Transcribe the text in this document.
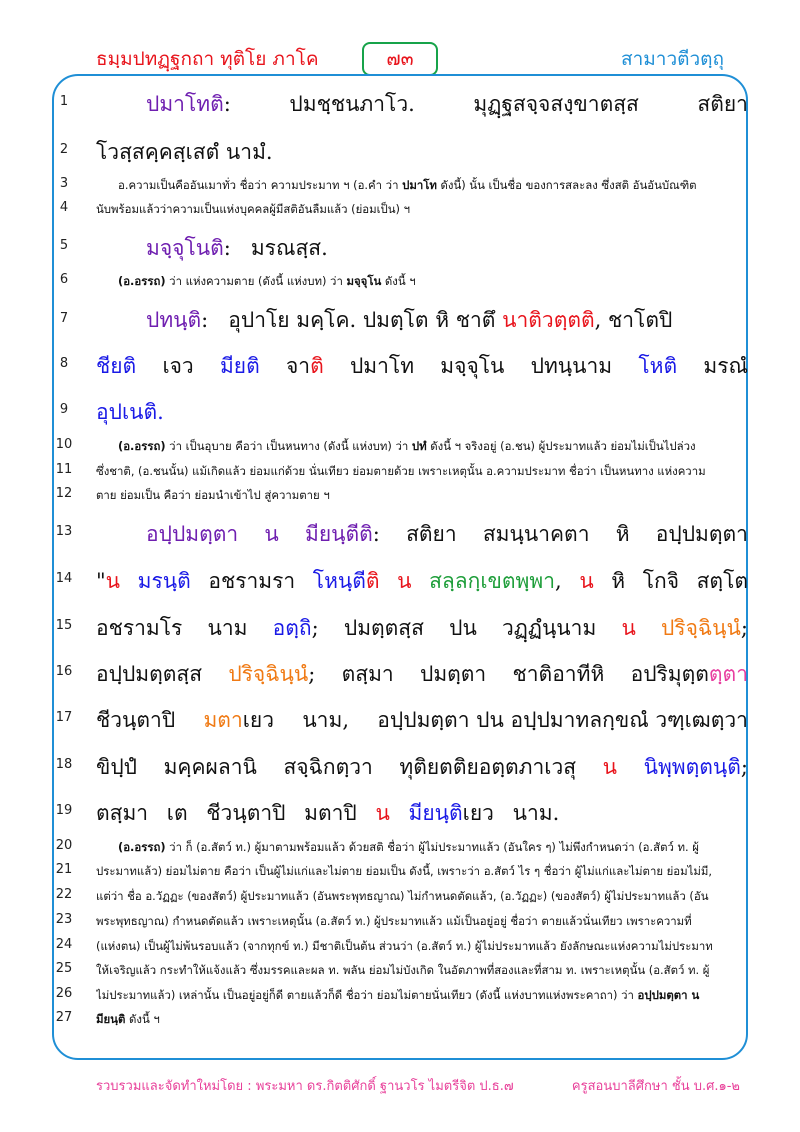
ธมฺมปทฏฺฐกถา ทุติโย ภาโค	๗๓	สามาวตีวตฺถุ
1
2
3
4
5
6
7
8
9
10
11
12
13
14
15
16
17
18
19
20
21
22
23
24
25
26
27
ปมาโทติ:	ปมชฺชนภาโว.	มุฏฺฐสจฺจสงฺขาตสฺส	สติยา
โวสฺสคฺคสฺเสตํ นามํ.
อ.ความเป็นคืออันเมาทั่ว ชื่อว่า ความประมาท ฯ (อ.คำ ว่า ปมาโท ดังนี้) นั้น เป็นชื่อ ของการสละลง ซึ่งสติ อันอันบัณฑิต
นับพร้อมแล้วว่าความเป็นแห่งบุคคลผู้มีสติอันลืมแล้ว (ย่อมเป็น) ฯ
มจฺจุโนติ: มรณสฺส.
(อ.อรรถ) ว่า แห่งความตาย (ดังนี้ แห่งบท) ว่า มจฺจุโน ดังนี้ ฯ
ปทนฺติ: อุปาโย มคฺโค. ปมตฺโต หิ ชาตึ นาติวตฺตติ, ชาโตปิ
ชียติ เจว มียติ จาติ ปมาโท มจฺจุโน ปทนฺนาม โหติ มรณํ
อุปเนติ.
(อ.อรรถ) ว่า เป็นอุบาย คือว่า เป็นหนทาง (ดังนี้ แห่งบท) ว่า ปทํ ดังนี้ ฯ จริงอยู่ (อ.ชน) ผู้ประมาทแล้ว ย่อมไม่เป็นไปล่วง
ซึ่งชาติ, (อ.ชนนั้น) แม้เกิดแล้ว ย่อมแก่ด้วย นั่นเทียว ย่อมตายด้วย เพราะเหตุนั้น อ.ความประมาท ชื่อว่า เป็นหนทาง แห่งความ
ตาย ย่อมเป็น คือว่า ย่อมนำเข้าไป สู่ความตาย ฯ
อปฺปมตฺตา น มียนฺตีติ: สติยา สมนฺนาคตา หิ อปฺปมตฺตา
"น มรนฺติ อชรามรา โหนฺตีติ น สลฺลกฺเขตพฺพา, น หิ โกจิ สตฺโต
อชรามโร นาม อตฺถิ; ปมตฺตสฺส ปน วฏฺฏํนฺนาม น ปริจฺฉินฺนํ;
อปฺปมตฺตสฺส ปริจฺฉินฺนํ; ตสฺมา ปมตฺตา ชาติอาทีหิ อปริมุตฺตตฺตา
ชีวนฺตาปิ มตาเยว นาม, อปฺปมตฺตา ปน อปฺปมาทลกฺขณํ วฑฺเฒตฺวา
ขิปฺปํ มคฺคผลานิ สจฺฉิกตฺวา ทุติยตติยอตฺตภาเวสุ น นิพฺพตฺตนฺติ;
ตสฺมา เต ชีวนฺตาปิ มตาปิ น มียนฺติเยว นาม.
(อ.อรรถ) ว่า ก็ (อ.สัตว์ ท.) ผู้มาตามพร้อมแล้ว ด้วยสติ ชื่อว่า ผู้ไม่ประมาทแล้ว (อันใคร ๆ) ไม่พึงกำหนดว่า (อ.สัตว์ ท. ผู้
ประมาทแล้ว) ย่อมไม่ตาย คือว่า เป็นผู้ไม่แก่และไม่ตาย ย่อมเป็น ดังนี้, เพราะว่า อ.สัตว์ ไร ๆ ชื่อว่า ผู้ไม่แก่และไม่ตาย ย่อมไม่มี,
แต่ว่า ชื่อ อ.วัฏฏะ (ของสัตว์) ผู้ประมาทแล้ว (อันพระพุทธญาณ) ไม่กำหนดตัดแล้ว, (อ.วัฏฏะ) (ของสัตว์) ผู้ไม่ประมาทแล้ว (อัน
พระพุทธญาณ) กำหนดตัดแล้ว เพราะเหตุนั้น (อ.สัตว์ ท.) ผู้ประมาทแล้ว แม้เป็นอยู่อยู่ ชื่อว่า ตายแล้วนั่นเทียว เพราะความที่
(แห่งตน) เป็นผู้ไม่พ้นรอบแล้ว (จากทุกข์ ท.) มีชาติเป็นต้น ส่วนว่า (อ.สัตว์ ท.) ผู้ไม่ประมาทแล้ว ยังลักษณะแห่งความไม่ประมาท
ให้เจริญแล้ว กระทำให้แจ้งแล้ว ซึ่งมรรคและผล ท. พลัน ย่อมไม่บังเกิด ในอัตภาพที่สองและที่สาม ท. เพราะเหตุนั้น (อ.สัตว์ ท. ผู้
ไม่ประมาทแล้ว) เหล่านั้น เป็นอยู่อยู่ก็ดี ตายแล้วก็ดี ชื่อว่า ย่อมไม่ตายนั่นเทียว (ดังนี้ แห่งบาทแห่งพระคาถา) ว่า อปฺปมตฺตา น
มียนฺติ ดังนี้ ฯ
รวบรวมและจัดทำใหม่โดย : พระมหา ดร.กิตติศักดิ์ ฐานวโร ไมตรีจิต ป.ธ.๗	ครูสอนบาลีศึกษา ชั้น บ.ศ.๑-๒
